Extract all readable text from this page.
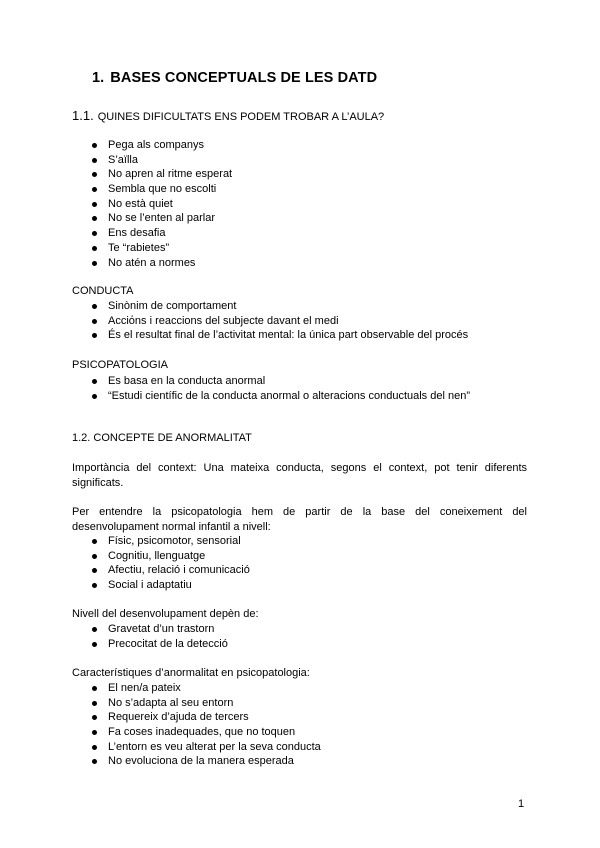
1. BASES CONCEPTUALS DE LES DATD
1.1. QUINES DIFICULTATS ENS PODEM TROBAR A L’AULA?
Pega als companys
S’aïlla
No apren al ritme esperat
Sembla que no escolti
No està quiet
No se l’enten al parlar
Ens desafia
Te “rabietes”
No atén a normes
CONDUCTA
Sinònim de comportament
Acciόns i reaccions del subjecte davant el medi
És el resultat final de l’activitat mental: la única part observable del procés
PSICOPATOLOGIA
Es basa en la conducta anormal
“Estudi científic de la conducta anormal o alteracions conductuals del nen”
1.2. CONCEPTE DE ANORMALITAT

Importància del context: Una mateixa conducta, segons el context, pot tenir diferents significats.

Per entendre la psicopatologia hem de partir de la base del coneixement del desenvolupament normal infantil a nivell:

Físic, psicomotor, sensorial
Cognitiu, llenguatge
Afectiu, relació i comunicació
Social i adaptatiu

Nivell del desenvolupament depèn de:

Gravetat d’un trastorn
Precocitat de la detecció

Característiques d’anormalitat en psicopatologia:

El nen/a pateix
No s’adapta al seu entorn
Requereix d’ajuda de tercers
Fa coses inadequades, que no toquen
L’entorn es veu alterat per la seva conducta
No evoluciona de la manera esperada
1
